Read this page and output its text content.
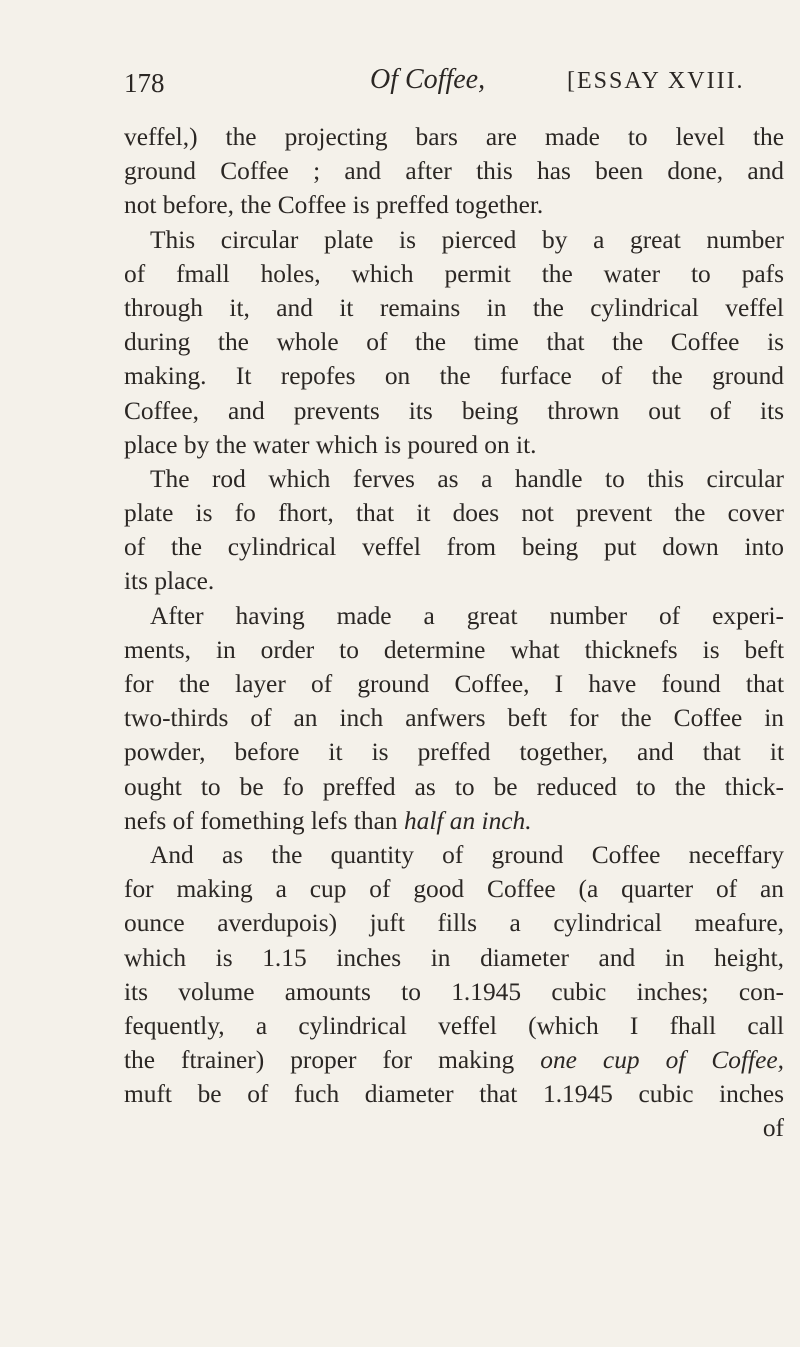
178	Of Coffee,	[ESSAY XVIII.
veffel,) the projecting bars are made to level the
ground Coffee ; and after this has been done, and
not before, the Coffee is preffed together.
This circular plate is pierced by a great number
of fmall holes, which permit the water to pafs
through it, and it remains in the cylindrical veffel
during the whole of the time that the Coffee is
making. It repofes on the furface of the ground
Coffee, and prevents its being thrown out of its
place by the water which is poured on it.
The rod which ferves as a handle to this circular
plate is fo fhort, that it does not prevent the cover
of the cylindrical veffel from being put down into
its place.
After having made a great number of experi-
ments, in order to determine what thicknefs is beft
for the layer of ground Coffee, I have found that
two-thirds of an inch anfwers beft for the Coffee in
powder, before it is preffed together, and that it
ought to be fo preffed as to be reduced to the thick-
nefs of fomething lefs than half an inch.
And as the quantity of ground Coffee neceffary
for making a cup of good Coffee (a quarter of an
ounce averdupois) juft fills a cylindrical meafure,
which is 1.15 inches in diameter and in height,
its volume amounts to 1.1945 cubic inches; con-
fequently, a cylindrical veffel (which I fhall call
the ftrainer) proper for making one cup of Coffee,
muft be of fuch diameter that 1.1945 cubic inches
of
